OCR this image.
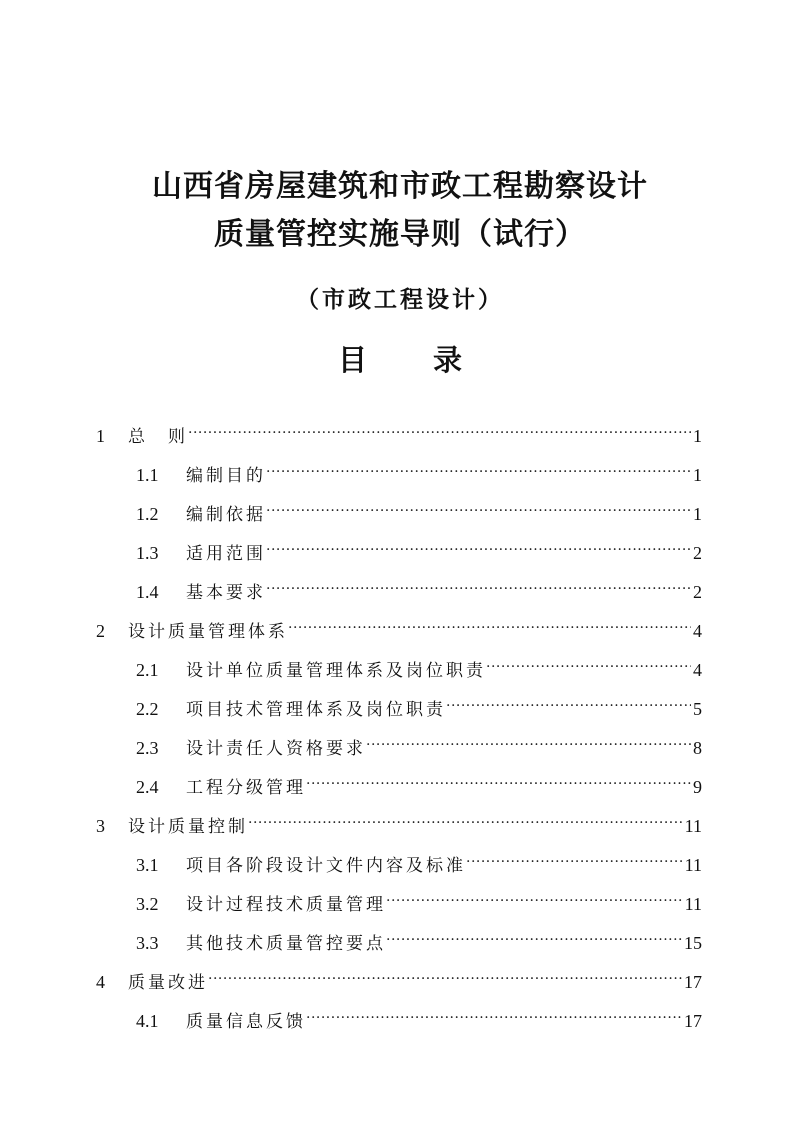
山西省房屋建筑和市政工程勘察设计
质量管控实施导则（试行）
（市政工程设计）
目 录
1	总　则 ·····	1
1.1	编制目的 ·····	1
1.2	编制依据 ·····	1
1.3	适用范围 ·····	2
1.4	基本要求 ·····	2
2	设计质量管理体系 ·····	4
2.1	设计单位质量管理体系及岗位职责 ·····	4
2.2	项目技术管理体系及岗位职责 ·····	5
2.3	设计责任人资格要求 ·····	8
2.4	工程分级管理 ·····	9
3	设计质量控制 ·····	11
3.1	项目各阶段设计文件内容及标准 ·····	11
3.2	设计过程技术质量管理 ·····	11
3.3	其他技术质量管控要点 ·····	15
4	质量改进 ·····	17
4.1	质量信息反馈 ·····	17
